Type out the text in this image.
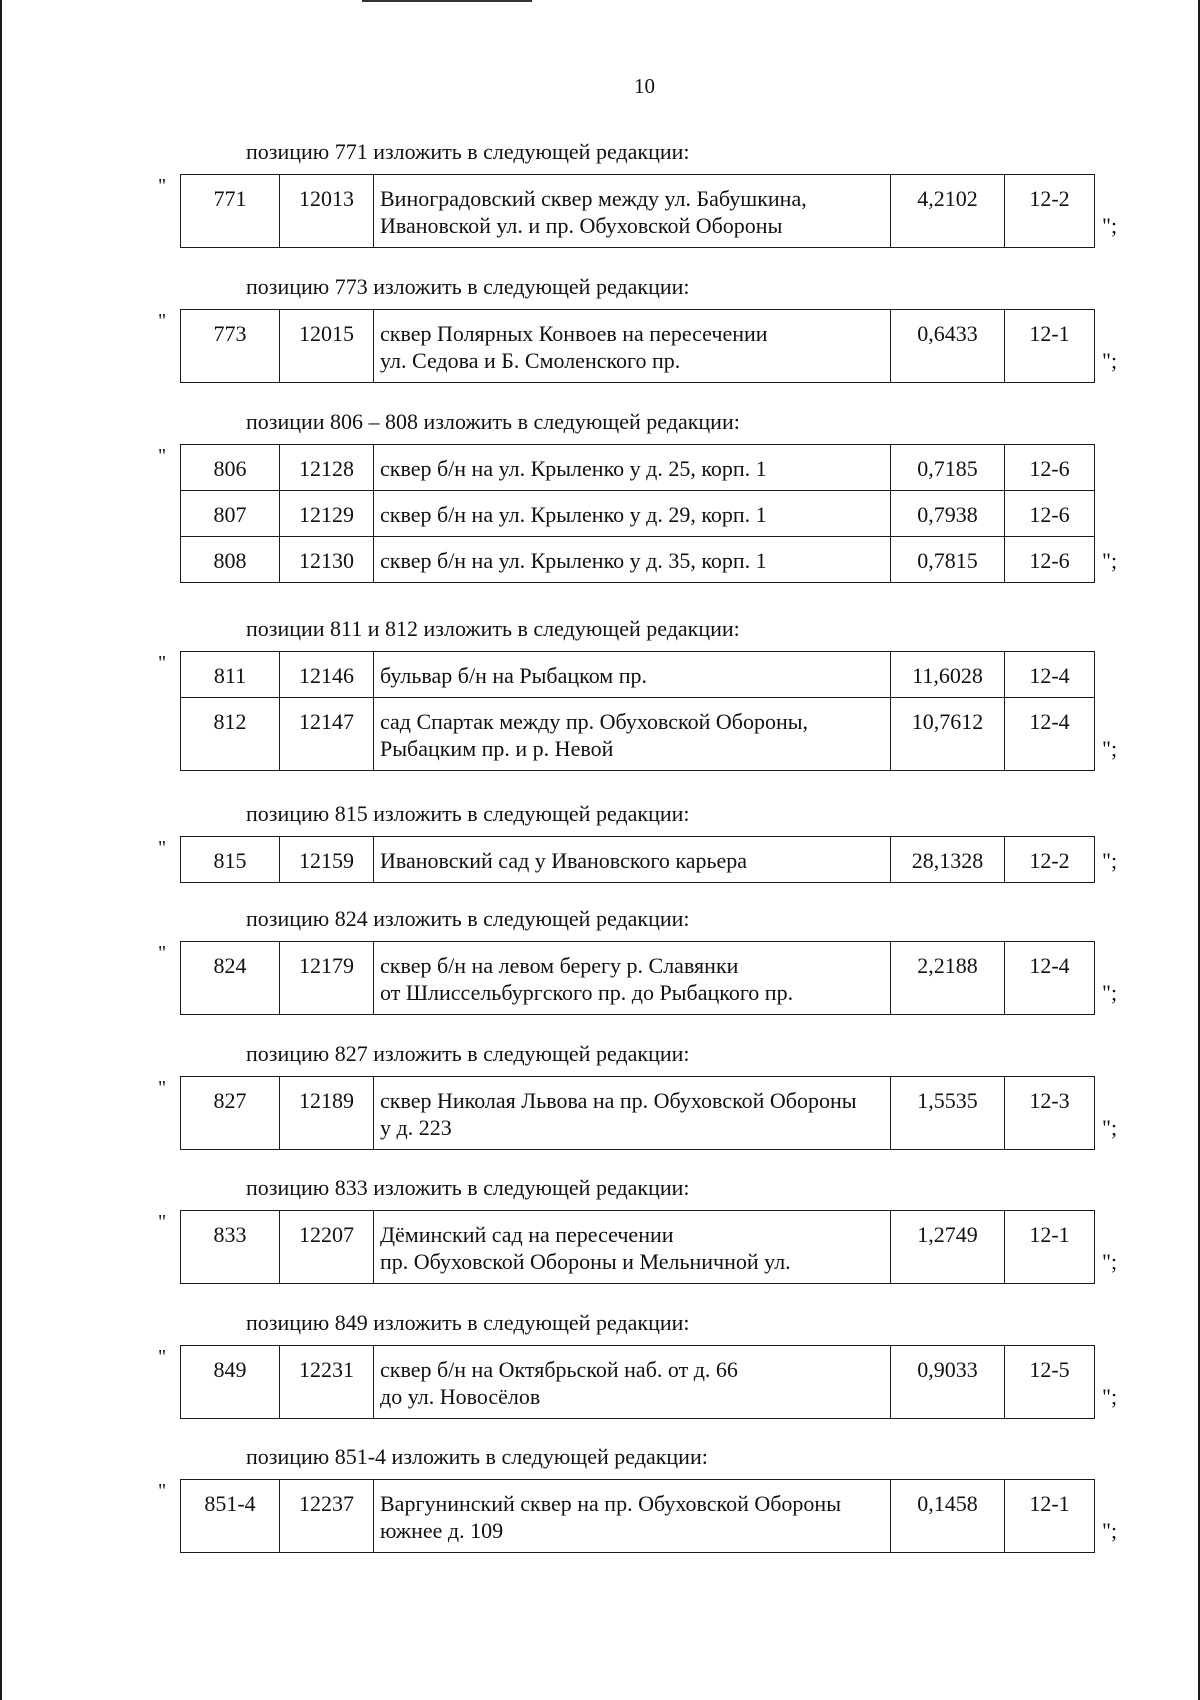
10
позицию 771 изложить в следующей редакции:
" 771	12013	Виноградовский сквер между ул. Бабушкина,
Ивановской ул. и пр. Обуховской Обороны
	4,2102	12-2
";
позицию 773 изложить в следующей редакции:
" 773	12015	сквер Полярных Конвоев на пересечении
ул. Седова и Б. Смоленского пр.
	0,6433	12-1
";
позиции 806 – 808 изложить в следующей редакции:
" 806	12128	сквер б/н на ул. Крыленко у д. 25, корп. 1	0,7185	12-6
807	12129	сквер б/н на ул. Крыленко у д. 29, корп. 1	0,7938	12-6
808	12130	сквер б/н на ул. Крыленко у д. 35, корп. 1	0,7815	12-6 ";
позиции 811 и 812 изложить в следующей редакции:
" 811	12146	бульвар б/н на Рыбацком пр.	11,6028	12-4
812	12147	сад Спартак между пр. Обуховской Обороны,
Рыбацким пр. и р. Невой	10,7612	12-4
";
позицию 815 изложить в следующей редакции:
" 815	12159	Ивановский сад у Ивановского карьера	28,1328	12-2 ";
позицию 824 изложить в следующей редакции:
" 824	12179	сквер б/н на левом берегу р. Славянки
от Шлиссельбургского пр. до Рыбацкого пр.
	2,2188	12-4
";
позицию 827 изложить в следующей редакции:
" 827	12189	сквер Николая Львова на пр. Обуховской Обороны
у д. 223
	1,5535	12-3
";
позицию 833 изложить в следующей редакции:
" 833	12207	Дёминский сад на пересечении
пр. Обуховской Обороны и Мельничной ул.
	1,2749	12-1
";
позицию 849 изложить в следующей редакции:
" 849	12231	сквер б/н на Октябрьской наб. от д. 66
до ул. Новосёлов
	0,9033	12-5
";
позицию 851-4 изложить в следующей редакции:
" 851-4	12237	Варгунинский сквер на пр. Обуховской Обороны
южнее д. 109
	0,1458	12-1
";
